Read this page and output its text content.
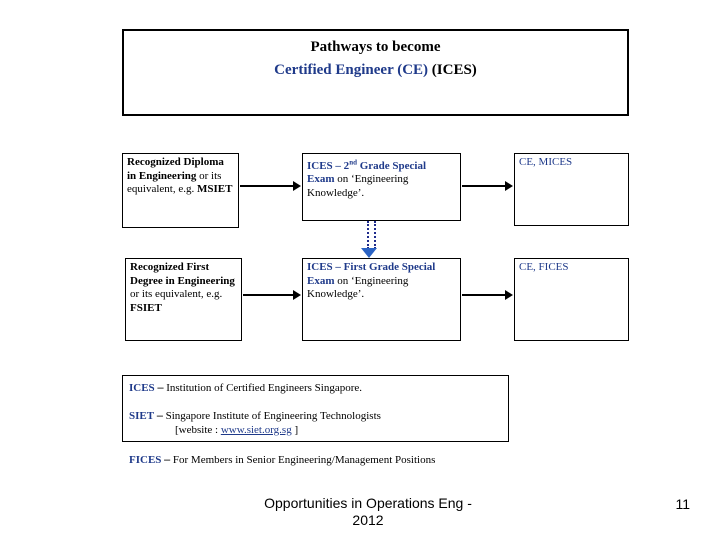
Pathways to become
Certified Engineer (CE) (ICES)
Recognized Diploma in Engineering or its equivalent, e.g. MSIET
ICES – 2nd Grade Special Exam on ‘Engineering Knowledge’.
CE, MICES
Recognized First Degree in Engineering or its equivalent, e.g. FSIET
ICES – First Grade Special Exam on ‘Engineering Knowledge’.
CE, FICES
ICES – Institution of Certified Engineers Singapore.
SIET – Singapore Institute of Engineering Technologists
[website : www.siet.org.sg ]
FICES – For Members in Senior Engineering/Management Positions
Opportunities in Operations Eng - 2012
11
